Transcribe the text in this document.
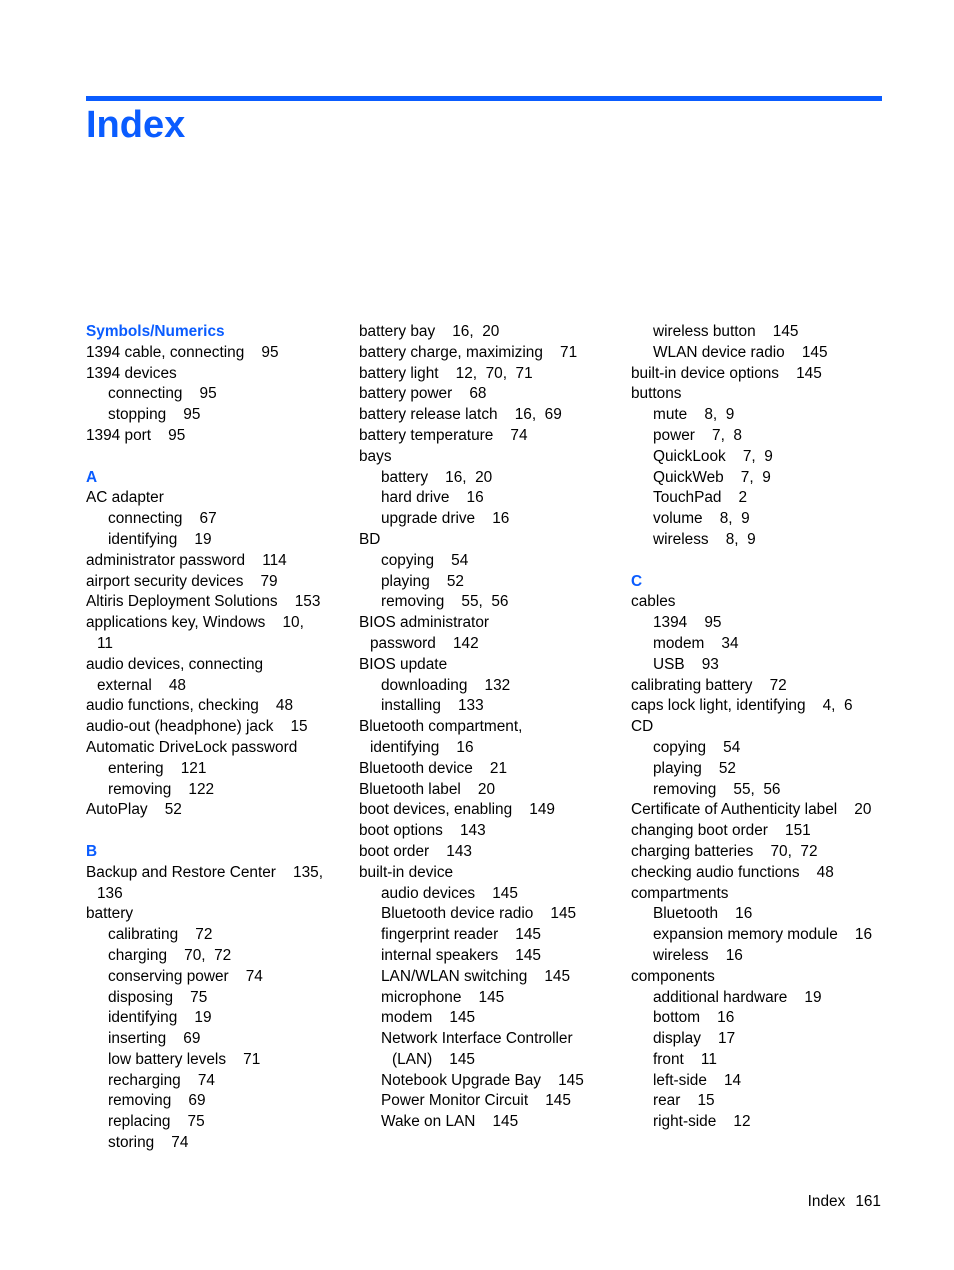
Index
Symbols/Numerics
1394 cable, connecting    95
1394 devices
connecting    95
stopping    95
1394 port    95
A
AC adapter
connecting    67
identifying    19
administrator password    114
airport security devices    79
Altiris Deployment Solutions    153
applications key, Windows    10,
11
audio devices, connecting
external    48
audio functions, checking    48
audio-out (headphone) jack    15
Automatic DriveLock password
entering    121
removing    122
AutoPlay    52
B
Backup and Restore Center    135,
136
battery
calibrating    72
charging    70,  72
conserving power    74
disposing    75
identifying    19
inserting    69
low battery levels    71
recharging    74
removing    69
replacing    75
storing    74
battery bay    16,  20
battery charge, maximizing    71
battery light    12,  70,  71
battery power    68
battery release latch    16,  69
battery temperature    74
bays
battery    16,  20
hard drive    16
upgrade drive    16
BD
copying    54
playing    52
removing    55,  56
BIOS administrator
password    142
BIOS update
downloading    132
installing    133
Bluetooth compartment,
identifying    16
Bluetooth device    21
Bluetooth label    20
boot devices, enabling    149
boot options    143
boot order    143
built-in device
audio devices    145
Bluetooth device radio    145
fingerprint reader    145
internal speakers    145
LAN/WLAN switching    145
microphone    145
modem    145
Network Interface Controller
(LAN)    145
Notebook Upgrade Bay    145
Power Monitor Circuit    145
Wake on LAN    145
wireless button    145
WLAN device radio    145
built-in device options    145
buttons
mute    8,  9
power    7,  8
QuickLook    7,  9
QuickWeb    7,  9
TouchPad    2
volume    8,  9
wireless    8,  9
C
cables
1394    95
modem    34
USB    93
calibrating battery    72
caps lock light, identifying    4,  6
CD
copying    54
playing    52
removing    55,  56
Certificate of Authenticity label    20
changing boot order    151
charging batteries    70,  72
checking audio functions    48
compartments
Bluetooth    16
expansion memory module    16
wireless    16
components
additional hardware    19
bottom    16
display    17
front    11
left-side    14
rear    15
right-side    12
Index 161
